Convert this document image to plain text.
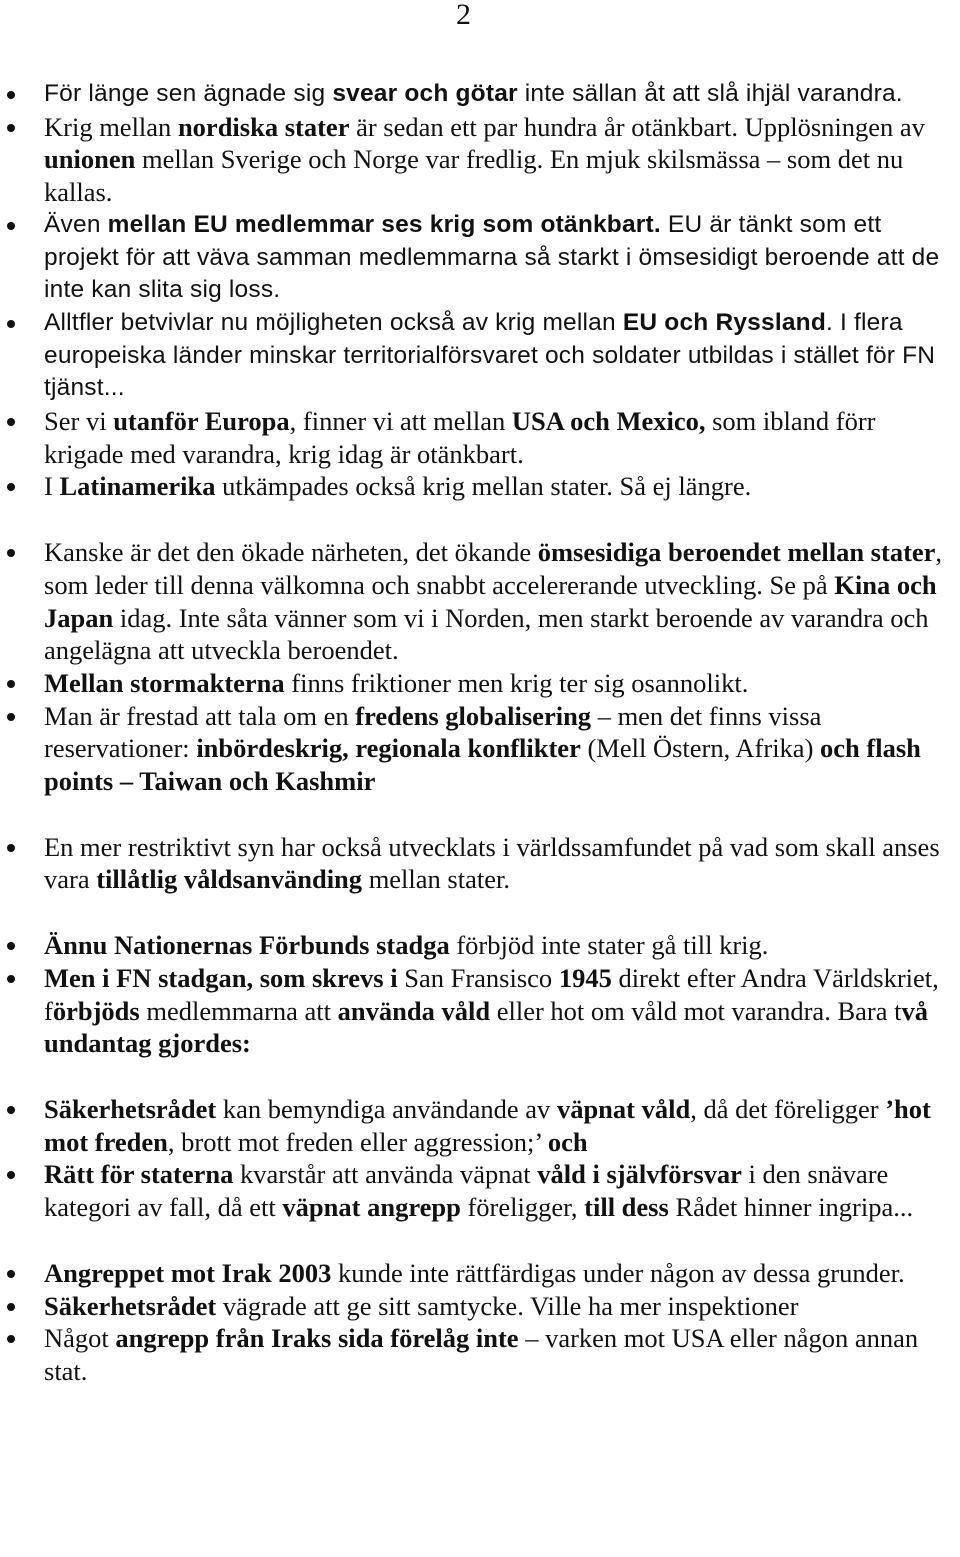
2
För länge sen ägnade sig svear och götar inte sällan åt att slå ihjäl varandra.
Krig mellan nordiska stater är sedan ett par hundra år otänkbart. Upplösningen av unionen mellan Sverige och Norge var fredlig. En mjuk skilsmässa – som det nu kallas.
Även mellan EU medlemmar ses krig som otänkbart. EU är tänkt som ett projekt för att väva samman medlemmarna så starkt i ömsesidigt beroende att de inte kan slita sig loss.
Alltfler betvivlar nu möjligheten också av krig mellan EU och Ryssland. I flera europeiska länder minskar territorialförsvaret och soldater utbildas i stället för FN tjänst...
Ser vi utanför Europa, finner vi att mellan USA och Mexico, som ibland förr krigade med varandra, krig idag är otänkbart.
I Latinamerika utkämpades också krig mellan stater. Så ej längre.
Kanske är det den ökade närheten, det ökande ömsesidiga beroendet mellan stater, som leder till denna välkomna och snabbt accelererande utveckling. Se på Kina och Japan idag. Inte såta vänner som vi i Norden, men starkt beroende av varandra och angelägna att utveckla beroendet.
Mellan stormakterna finns friktioner men krig ter sig osannolikt.
Man är frestad att tala om en fredens globalisering – men det finns vissa reservationer: inbördeskrig, regionala konflikter (Mell Östern, Afrika) och flash points – Taiwan och Kashmir
En mer restriktivt syn har också utvecklats i världssamfundet på vad som skall anses vara tillåtlig våldsanvänding mellan stater.
Ännu Nationernas Förbunds stadga förbjöd inte stater gå till krig.
Men i FN stadgan, som skrevs i San Fransisco 1945 direkt efter Andra Världskriet, förbjöds medlemmarna att använda våld eller hot om våld mot varandra. Bara två undantag gjordes:
Säkerhetsrådet kan bemyndiga användande av väpnat våld, då det föreligger ’hot mot freden, brott mot freden eller aggression;’ och
Rätt för staterna kvarstår att använda väpnat våld i självförsvar i den snävare kategori av fall, då ett väpnat angrepp föreligger, till dess Rådet hinner ingripa...
Angreppet mot Irak 2003 kunde inte rättfärdigas under någon av dessa grunder.
Säkerhetsrådet vägrade att ge sitt samtycke. Ville ha mer inspektioner
Något angrepp från Iraks sida förelåg inte – varken mot USA eller någon annan stat.
